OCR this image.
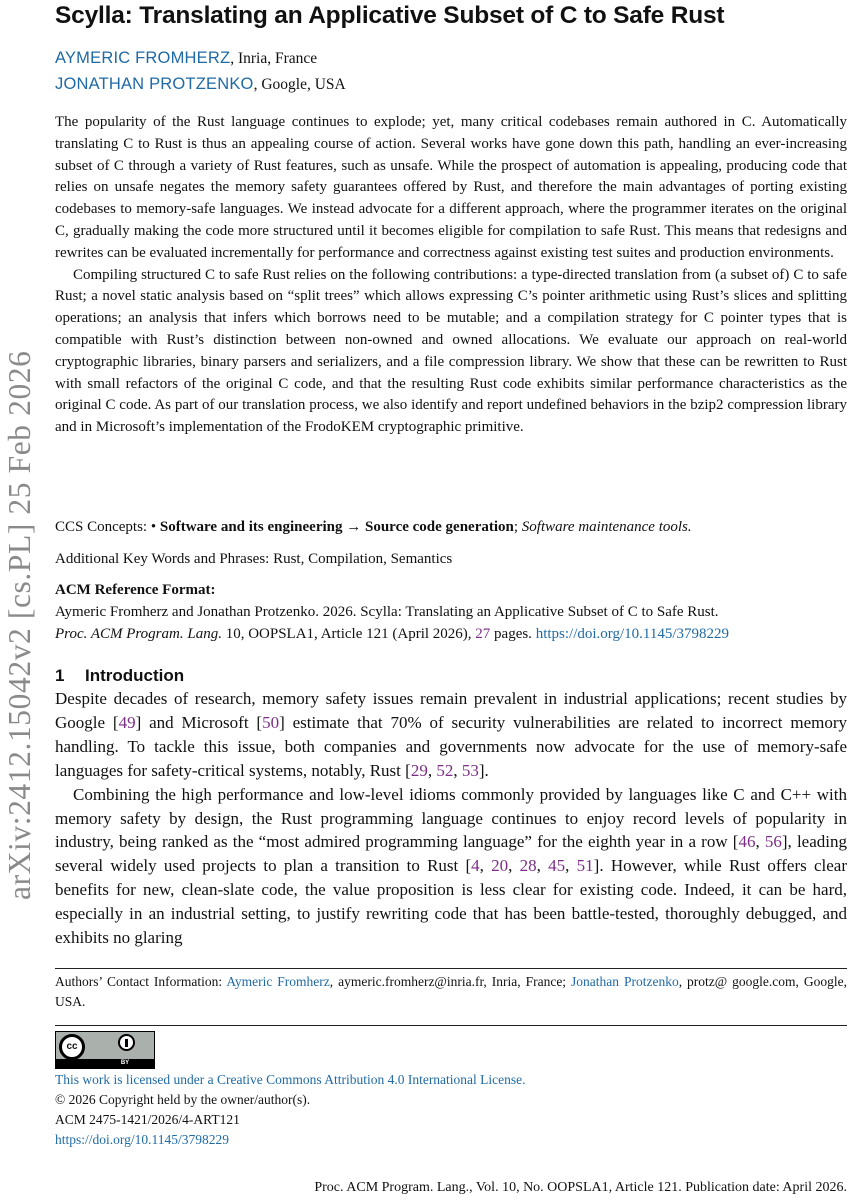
arXiv:2412.15042v2 [cs.PL] 25 Feb 2026
Scylla: Translating an Applicative Subset of C to Safe Rust
AYMERIC FROMHERZ, Inria, France
JONATHAN PROTZENKO, Google, USA

The popularity of the Rust language continues to explode; yet, many critical codebases remain authored in C. Automatically translating C to Rust is thus an appealing course of action. Several works have gone down this path, handling an ever-increasing subset of C through a variety of Rust features, such as unsafe. While the prospect of automation is appealing, producing code that relies on unsafe negates the memory safety guarantees offered by Rust, and therefore the main advantages of porting existing codebases to memory-safe languages. We instead advocate for a different approach, where the programmer iterates on the original C, gradually making the code more structured until it becomes eligible for compilation to safe Rust. This means that redesigns and rewrites can be evaluated incrementally for performance and correctness against existing test suites and production environments.

Compiling structured C to safe Rust relies on the following contributions: a type-directed translation from (a subset of) C to safe Rust; a novel static analysis based on “split trees” which allows expressing C’s pointer arithmetic using Rust’s slices and splitting operations; an analysis that infers which borrows need to be mutable; and a compilation strategy for C pointer types that is compatible with Rust’s distinction between non-owned and owned allocations. We evaluate our approach on real-world cryptographic libraries, binary parsers and serializers, and a file compression library. We show that these can be rewritten to Rust with small refactors of the original C code, and that the resulting Rust code exhibits similar performance characteristics as the original C code. As part of our translation process, we also identify and report undefined behaviors in the bzip2 compression library and in Microsoft’s implementation of the FrodoKEM cryptographic primitive.

CCS Concepts: • Software and its engineering → Source code generation; Software maintenance tools.
Additional Key Words and Phrases: Rust, Compilation, Semantics
ACM Reference Format:
Aymeric Fromherz and Jonathan Protzenko. 2026. Scylla: Translating an Applicative Subset of C to Safe Rust.
Proc. ACM Program. Lang. 10, OOPSLA1, Article 121 (April 2026), 27 pages. https://doi.org/10.1145/3798229
1 Introduction

Despite decades of research, memory safety issues remain prevalent in industrial applications; recent studies by Google [49] and Microsoft [50] estimate that 70% of security vulnerabilities are related to incorrect memory handling. To tackle this issue, both companies and governments now advocate for the use of memory-safe languages for safety-critical systems, notably, Rust [29, 52, 53].

Combining the high performance and low-level idioms commonly provided by languages like C and C++ with memory safety by design, the Rust programming language continues to enjoy record levels of popularity in industry, being ranked as the “most admired programming language” for the eighth year in a row [46, 56], leading several widely used projects to plan a transition to Rust [4, 20, 28, 45, 51]. However, while Rust offers clear benefits for new, clean-slate code, the value proposition is less clear for existing code. Indeed, it can be hard, especially in an industrial setting, to justify rewriting code that has been battle-tested, thoroughly debugged, and exhibits no glaring

Authors’ Contact Information: Aymeric Fromherz, aymeric.fromherz@inria.fr, Inria, France; Jonathan Protzenko, protz@ google.com, Google, USA.
cc
BY
This work is licensed under a Creative Commons Attribution 4.0 International License.
© 2026 Copyright held by the owner/author(s).
ACM 2475-1421/2026/4-ART121
https://doi.org/10.1145/3798229
Proc. ACM Program. Lang., Vol. 10, No. OOPSLA1, Article 121. Publication date: April 2026.
